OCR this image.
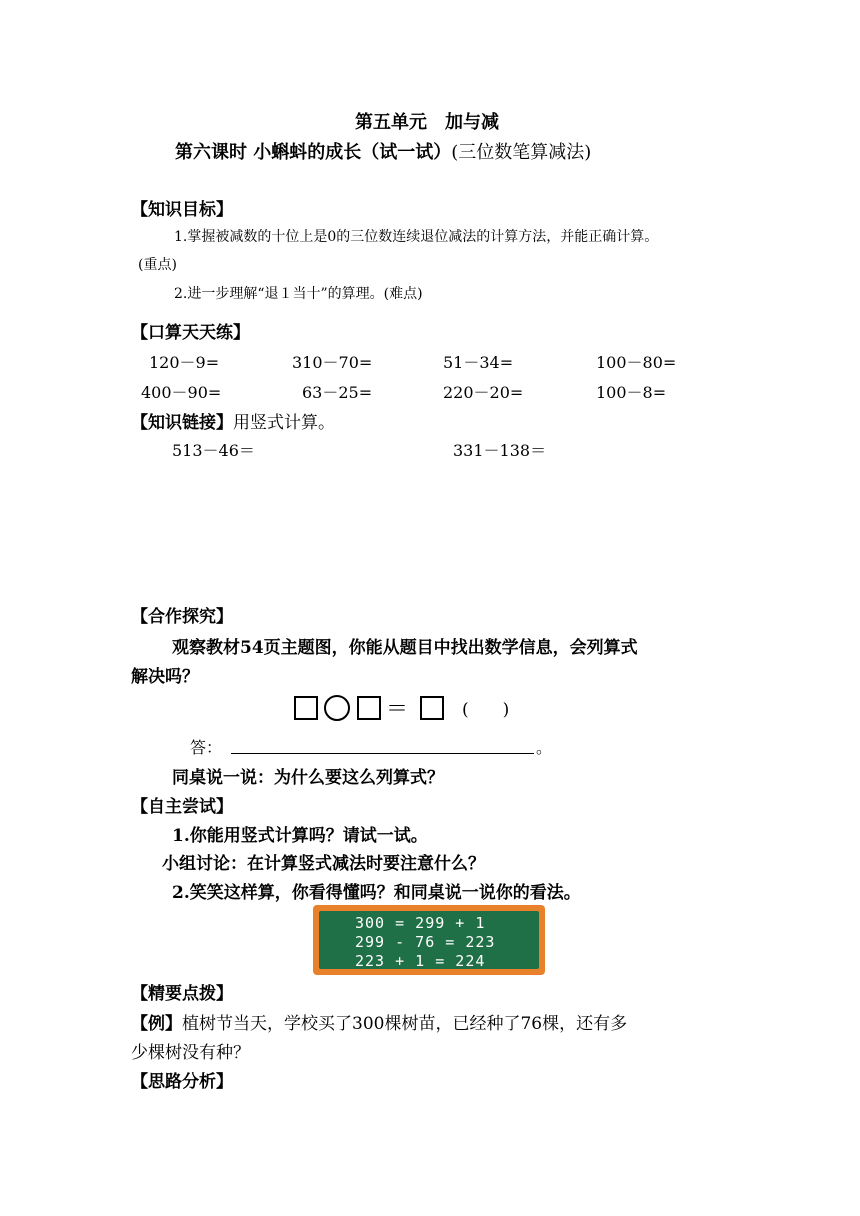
第五单元　加与减
第六课时 小蝌蚪的成长（试一试）(三位数笔算减法)
【知识目标】
1.掌握被减数的十位上是0的三位数连续退位减法的计算方法，并能正确计算。
(重点)
2.进一步理解“退１当十”的算理。(难点)
【口算天天练】
120－9=	310－70=	51－34=	100－80=
400－90=	63－25=	220－20=	100－8=
【知识链接】用竖式计算。
513－46＝	331－138＝
【合作探究】
观察教材54页主题图，你能从题目中找出数学信息，会列算式
解决吗？
＝	(　　)
答：	。
同桌说一说：为什么要这么列算式？
【自主尝试】
1.你能用竖式计算吗？请试一试。
小组讨论：在计算竖式减法时要注意什么？
2.笑笑这样算，你看得懂吗？和同桌说一说你的看法。
300 = 299 + 1
299 - 76 = 223
223 + 1 = 224
【精要点拨】
【例】植树节当天，学校买了300棵树苗，已经种了76棵，还有多
少棵树没有种？
【思路分析】
